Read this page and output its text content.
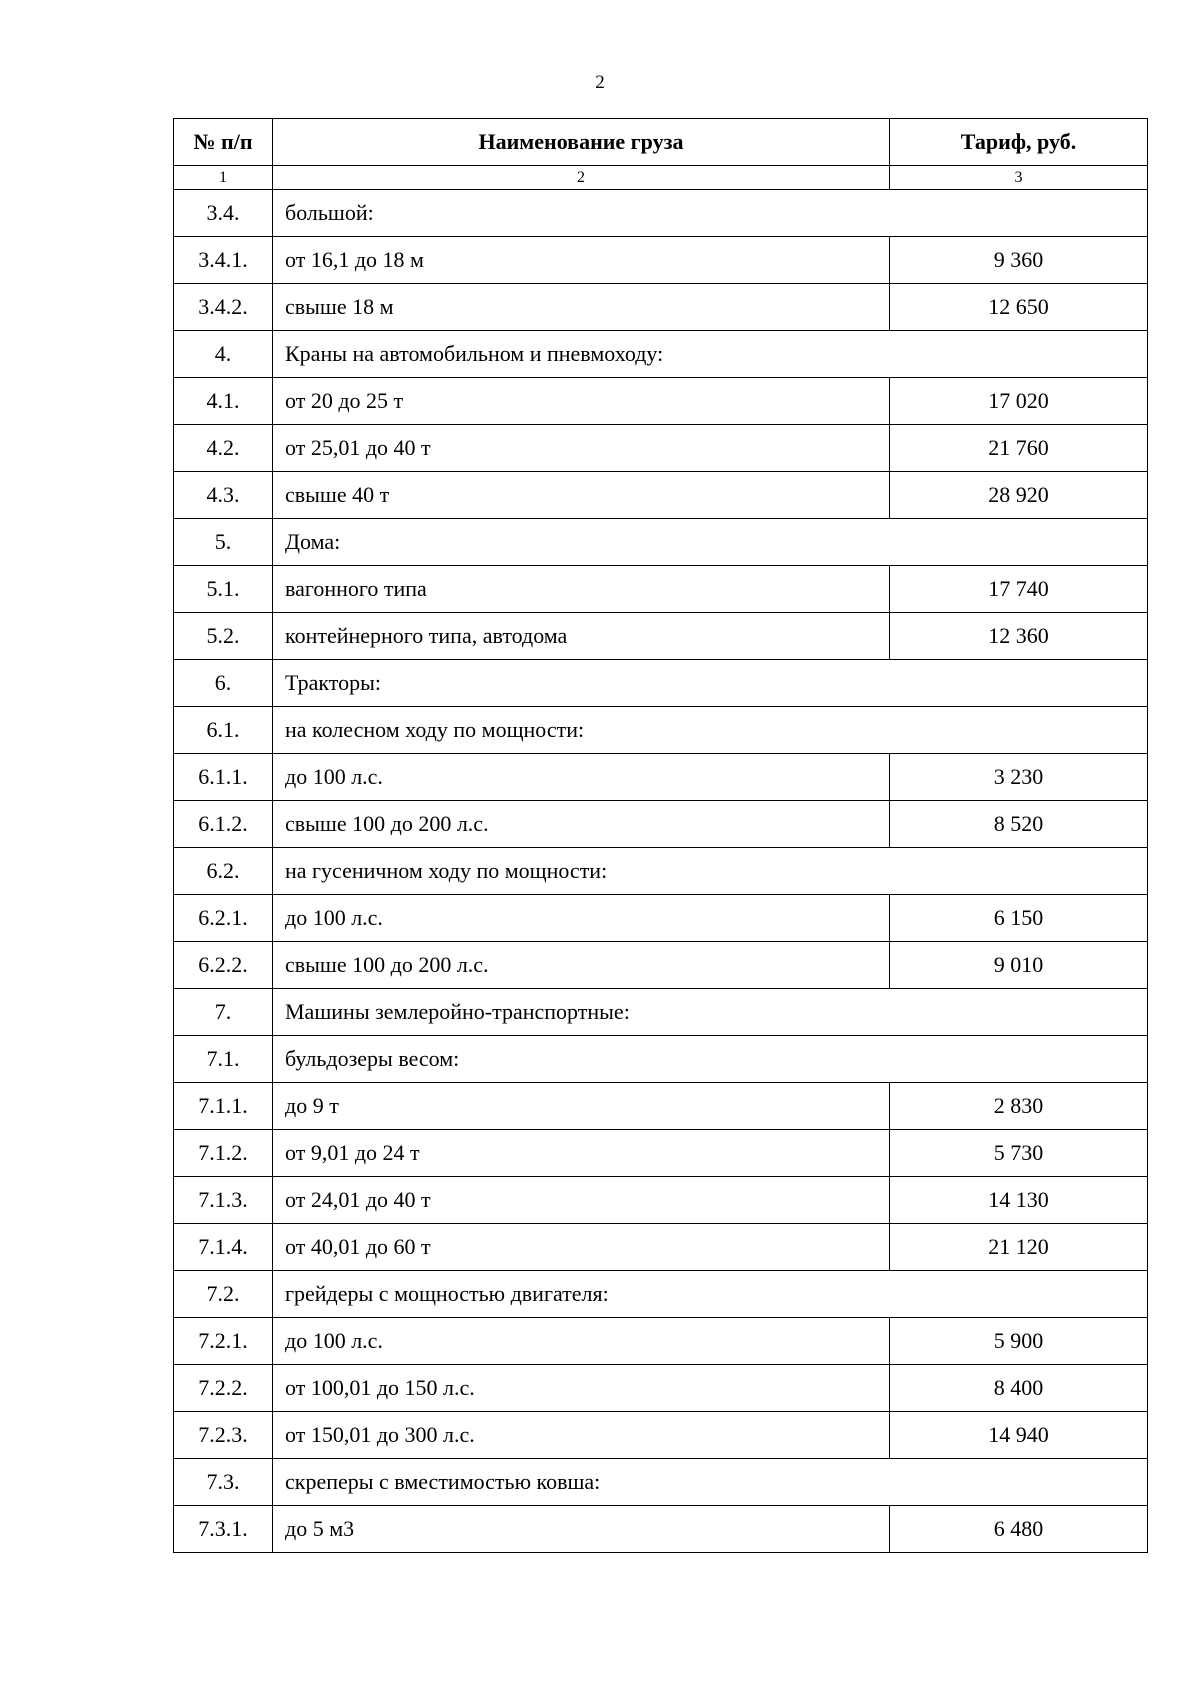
2
№ п/п	Наименование груза	Тариф, руб.
1	2	3
3.4.	большой:	
3.4.1.	от 16,1 до 18 м	9 360
3.4.2.	свыше 18 м	12 650
4.	Краны на автомобильном и пневмоходу:	
4.1.	от 20 до 25 т	17 020
4.2.	от 25,01 до 40 т	21 760
4.3.	свыше 40 т	28 920
5.	Дома:	
5.1.	вагонного типа	17 740
5.2.	контейнерного типа, автодома	12 360
6.	Тракторы:	
6.1.	на колесном ходу по мощности:	
6.1.1.	до 100 л.с.	3 230
6.1.2.	свыше 100 до 200 л.с.	8 520
6.2.	на гусеничном ходу по мощности:	
6.2.1.	до 100 л.с.	6 150
6.2.2.	свыше 100 до 200 л.с.	9 010
7.	Машины землеройно-транспортные:	
7.1.	бульдозеры весом:	
7.1.1.	до 9 т	2 830
7.1.2.	от 9,01 до 24 т	5 730
7.1.3.	от 24,01 до 40 т	14 130
7.1.4.	от 40,01 до 60 т	21 120
7.2.	грейдеры с мощностью двигателя:	
7.2.1.	до 100 л.с.	5 900
7.2.2.	от 100,01 до 150 л.с.	8 400
7.2.3.	от 150,01 до 300 л.с.	14 940
7.3.	скреперы с вместимостью ковша:	
7.3.1.	до 5 м3	6 480
